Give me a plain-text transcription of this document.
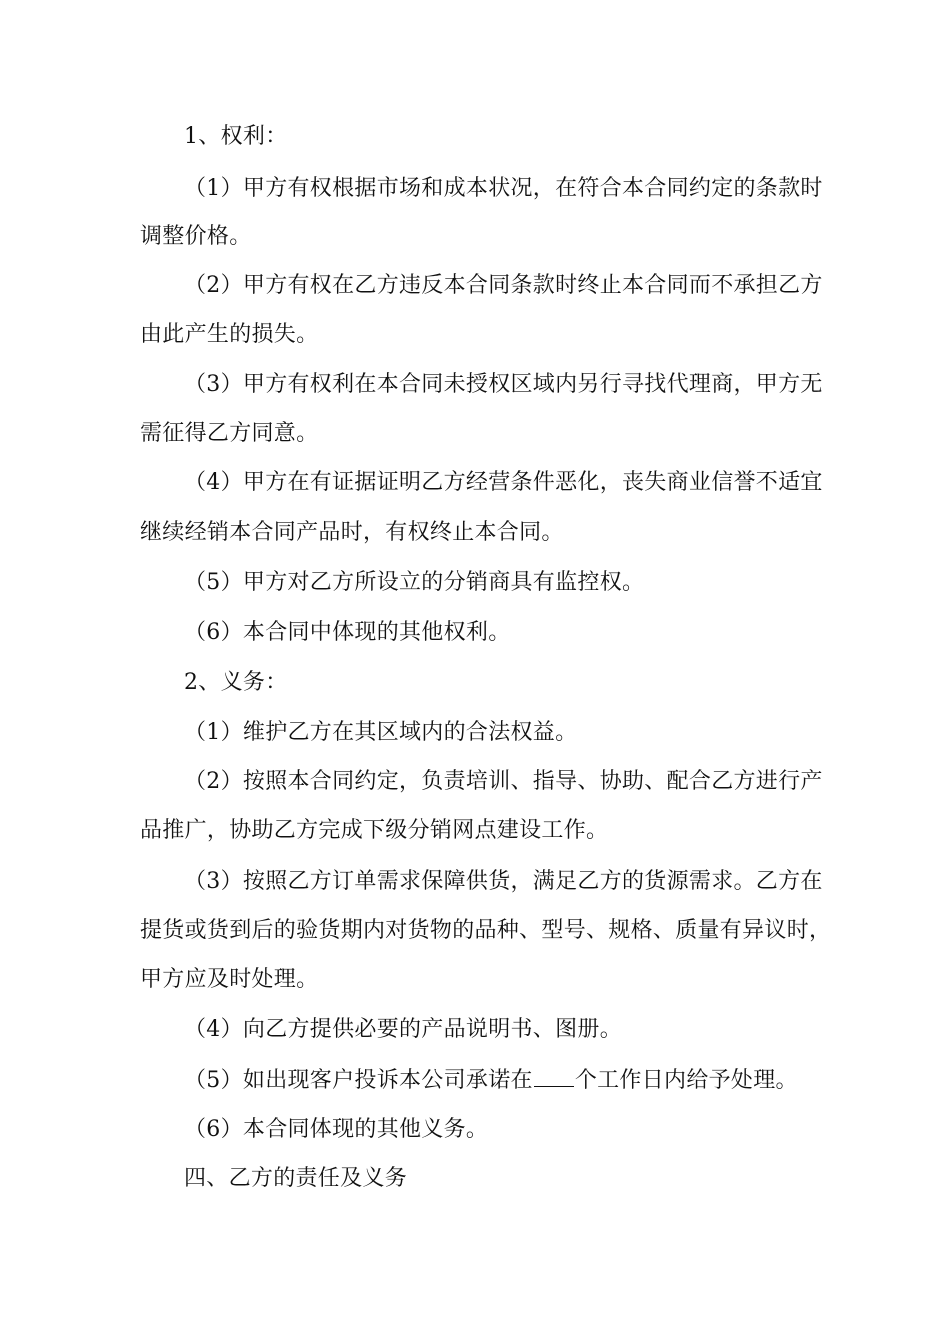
1、权利：
（1）甲方有权根据市场和成本状况，在符合本合同约定的条款时
调整价格。
（2）甲方有权在乙方违反本合同条款时终止本合同而不承担乙方
由此产生的损失。
（3）甲方有权利在本合同未授权区域内另行寻找代理商，甲方无
需征得乙方同意。
（4）甲方在有证据证明乙方经营条件恶化，丧失商业信誉不适宜
继续经销本合同产品时，有权终止本合同。
（5）甲方对乙方所设立的分销商具有监控权。
（6）本合同中体现的其他权利。
2、义务：
（1）维护乙方在其区域内的合法权益。
（2）按照本合同约定，负责培训、指导、协助、配合乙方进行产
品推广，协助乙方完成下级分销网点建设工作。
（3）按照乙方订单需求保障供货，满足乙方的货源需求。乙方在
提货或货到后的验货期内对货物的品种、型号、规格、质量有异议时，
甲方应及时处理。
（4）向乙方提供必要的产品说明书、图册。
（5）如出现客户投诉本公司承诺在 个工作日内给予处理。
（6）本合同体现的其他义务。
四、乙方的责任及义务
